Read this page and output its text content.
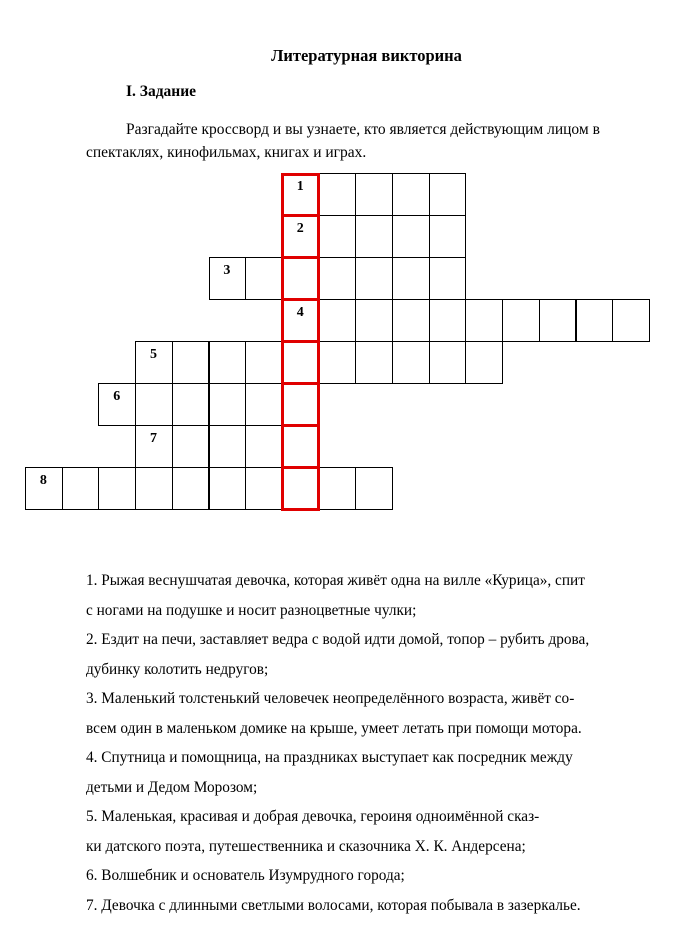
Литературная викторина
I. Задание
Разгадайте кроссворд и вы узнаете, кто является действующим лицом в спектаклях, кинофильмах, книгах и играх.
1
2
3
4
5
6
7
8
1. Рыжая веснушчатая девочка, которая живёт одна на вилле «Курица», спит
с ногами на подушке и носит разноцветные чулки;
2. Ездит на печи, заставляет ведра с водой идти домой, топор – рубить дрова,
дубинку колотить недругов;
3. Маленький толстенький человечек неопределённого возраста, живёт со-
всем один в маленьком домике на крыше, умеет летать при помощи мотора.
4. Спутница и помощница, на праздниках выступает как посредник между
детьми и Дедом Морозом;
5. Маленькая, красивая и добрая девочка, героиня одноимённой сказ-
ки датского поэта, путешественника и сказочника Х. К. Андерсена;
6. Волшебник и основатель Изумрудного города;
7. Девочка с длинными светлыми волосами, которая побывала в зазеркалье.
